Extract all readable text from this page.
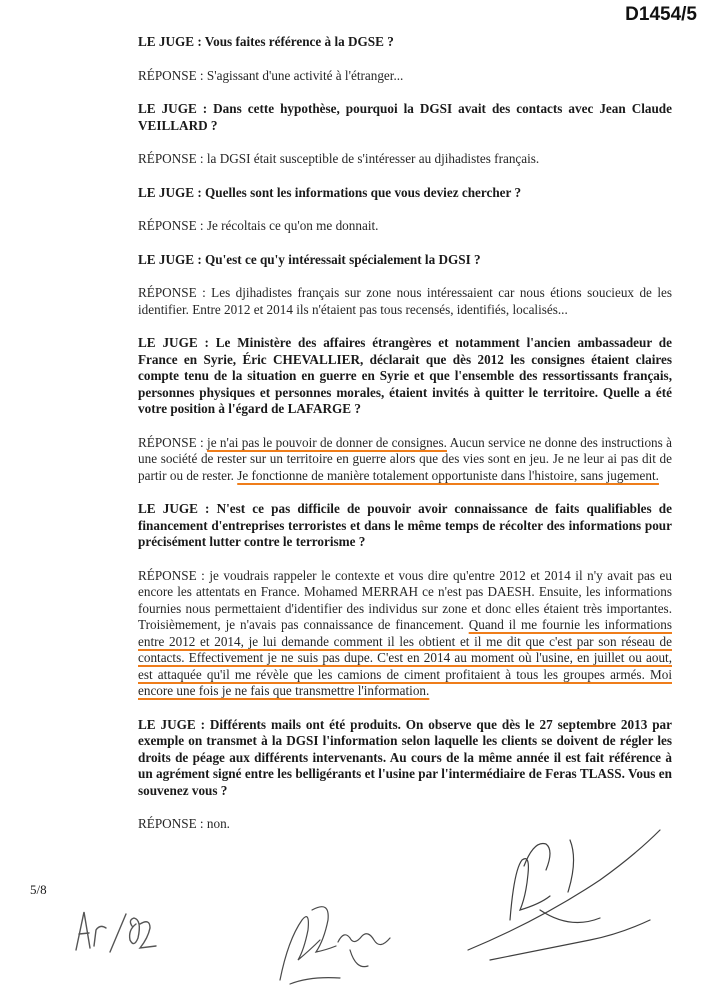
D1454/5

LE JUGE : Vous faites référence à la DGSE ?

RÉPONSE : S'agissant d'une activité à l'étranger...

LE JUGE : Dans cette hypothèse, pourquoi la DGSI avait des contacts avec Jean Claude VEILLARD ?

RÉPONSE : la DGSI était susceptible de s'intéresser au djihadistes français.

LE JUGE : Quelles sont les informations que vous deviez chercher ?

RÉPONSE : Je récoltais ce qu'on me donnait.

LE JUGE : Qu'est ce qu'y intéressait spécialement la DGSI ?

RÉPONSE : Les djihadistes français sur zone nous intéressaient car nous étions soucieux de les identifier. Entre 2012 et 2014 ils n'étaient pas tous recensés, identifiés, localisés...

LE JUGE : Le Ministère des affaires étrangères et notamment l'ancien ambassadeur de France en Syrie, Éric CHEVALLIER, déclarait que dès 2012 les consignes étaient claires compte tenu de la situation en guerre en Syrie et que l'ensemble des ressortissants français, personnes physiques et personnes morales, étaient invités à quitter le territoire. Quelle a été votre position à l'égard de LAFARGE ?

RÉPONSE : je n'ai pas le pouvoir de donner de consignes. Aucun service ne donne des instructions à une société de rester sur un territoire en guerre alors que des vies sont en jeu. Je ne leur ai pas dit de partir ou de rester. Je fonctionne de manière totalement opportuniste dans l'histoire, sans jugement.

LE JUGE : N'est ce pas difficile de pouvoir avoir connaissance de faits qualifiables de financement d'entreprises terroristes et dans le même temps de récolter des informations pour précisément lutter contre le terrorisme ?

RÉPONSE : je voudrais rappeler le contexte et vous dire qu'entre 2012 et 2014 il n'y avait pas eu encore les attentats en France. Mohamed MERRAH ce n'est pas DAESH. Ensuite, les informations fournies nous permettaient d'identifier des individus sur zone et donc elles étaient très importantes. Troisièmement, je n'avais pas connaissance de financement. Quand il me fournie les informations entre 2012 et 2014, je lui demande comment il les obtient et il me dit que c'est par son réseau de contacts. Effectivement je ne suis pas dupe. C'est en 2014 au moment où l'usine, en juillet ou aout, est attaquée qu'il me révèle que les camions de ciment profitaient à tous les groupes armés. Moi encore une fois je ne fais que transmettre l'information.

LE JUGE : Différents mails ont été produits. On observe que dès le 27 septembre 2013 par exemple on transmet à la DGSI l'information selon laquelle les clients se doivent de régler les droits de péage aux différents intervenants. Au cours de la même année il est fait référence à un agrément signé entre les belligérants et l'usine par l'intermédiaire de Feras TLASS. Vous en souvenez vous ?

RÉPONSE : non.

5/8
